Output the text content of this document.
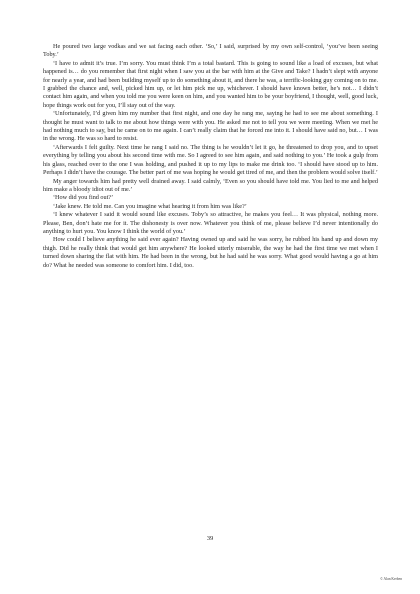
He poured two large vodkas and we sat facing each other. ‘So,’ I said, surprised by my own self-control, ‘you’ve been seeing Toby.’

‘I have to admit it’s true. I’m sorry. You must think I’m a total bastard. This is going to sound like a load of excuses, but what happened is… do you remember that first night when I saw you at the bar with him at the Give and Take? I hadn’t slept with anyone for nearly a year, and had been building myself up to do something about it, and there he was, a terrific-looking guy coming on to me. I grabbed the chance and, well, picked him up, or let him pick me up, whichever. I should have known better, he’s not… I didn’t contact him again, and when you told me you were keen on him, and you wanted him to be your boyfriend, I thought, well, good luck, hope things work out for you, I’ll stay out of the way.

‘Unfortunately, I’d given him my number that first night, and one day he rang me, saying he had to see me about something. I thought he must want to talk to me about how things were with you. He asked me not to tell you we were meeting. When we met he had nothing much to say, but he came on to me again. I can’t really claim that he forced me into it. I should have said no, but… I was in the wrong. He was so hard to resist.

‘Afterwards I felt guilty. Next time he rang I said no. The thing is he wouldn’t let it go, he threatened to drop you, and to upset everything by telling you about his second time with me. So I agreed to see him again, and said nothing to you.’ He took a gulp from his glass, reached over to the one I was holding, and pushed it up to my lips to make me drink too. ‘I should have stood up to him. Perhaps I didn’t have the courage. The better part of me was hoping he would get tired of me, and then the problem would solve itself.’

My anger towards him had pretty well drained away. I said calmly, ‘Even so you should have told me. You lied to me and helped him make a bloody idiot out of me.’

‘How did you find out?’

‘Jake knew. He told me. Can you imagine what hearing it from him was like?’

‘I knew whatever I said it would sound like excuses. Toby’s so attractive, he makes you feel… It was physical, nothing more. Please, Ben, don’t hate me for it. The dishonesty is over now. Whatever you think of me, please believe I’d never intentionally do anything to hurt you. You know I think the world of you.’

How could I believe anything he said ever again? Having owned up and said he was sorry, he rubbed his hand up and down my thigh. Did he really think that would get him anywhere? He looked utterly miserable, the way he had the first time we met when I turned down sharing the flat with him. He had been in the wrong, but he had said he was sorry. What good would having a go at him do? What he needed was someone to comfort him. I did, too.

39
© Alan Kerben
